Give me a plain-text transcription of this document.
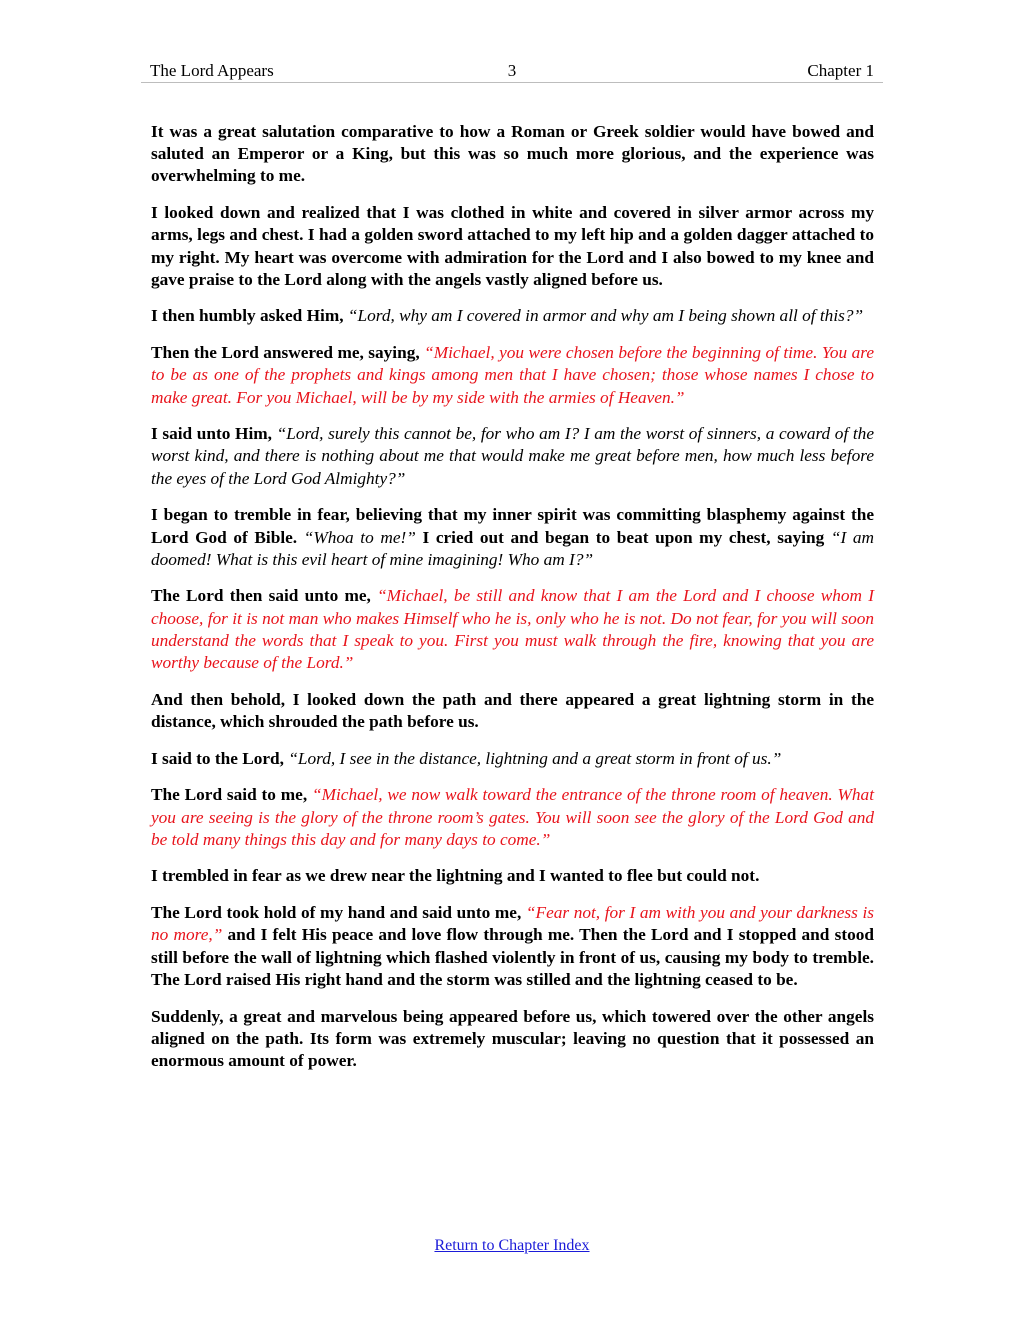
The Lord Appears	3	Chapter 1

It was a great salutation comparative to how a Roman or Greek soldier would have bowed and saluted an Emperor or a King, but this was so much more glorious, and the experience was overwhelming to me.

I looked down and realized that I was clothed in white and covered in silver armor across my arms, legs and chest. I had a golden sword attached to my left hip and a golden dagger attached to my right. My heart was overcome with admiration for the Lord and I also bowed to my knee and gave praise to the Lord along with the angels vastly aligned before us.

I then humbly asked Him, “Lord, why am I covered in armor and why am I being shown all of this?”

Then the Lord answered me, saying, “Michael, you were chosen before the beginning of time. You are to be as one of the prophets and kings among men that I have chosen; those whose names I chose to make great. For you Michael, will be by my side with the armies of Heaven.”

I said unto Him, “Lord, surely this cannot be, for who am I? I am the worst of sinners, a coward of the worst kind, and there is nothing about me that would make me great before men, how much less before the eyes of the Lord God Almighty?”

I began to tremble in fear, believing that my inner spirit was committing blasphemy against the Lord God of Bible. “Whoa to me!” I cried out and began to beat upon my chest, saying “I am doomed! What is this evil heart of mine imagining! Who am I?”

The Lord then said unto me, “Michael, be still and know that I am the Lord and I choose whom I choose, for it is not man who makes Himself who he is, only who he is not. Do not fear, for you will soon understand the words that I speak to you. First you must walk through the fire, knowing that you are worthy because of the Lord.”

And then behold, I looked down the path and there appeared a great lightning storm in the distance, which shrouded the path before us.

I said to the Lord, “Lord, I see in the distance, lightning and a great storm in front of us.”

The Lord said to me, “Michael, we now walk toward the entrance of the throne room of heaven. What you are seeing is the glory of the throne room’s gates. You will soon see the glory of the Lord God and be told many things this day and for many days to come.”

I trembled in fear as we drew near the lightning and I wanted to flee but could not.

The Lord took hold of my hand and said unto me, “Fear not, for I am with you and your darkness is no more,” and I felt His peace and love flow through me. Then the Lord and I stopped and stood still before the wall of lightning which flashed violently in front of us, causing my body to tremble. The Lord raised His right hand and the storm was stilled and the lightning ceased to be.

Suddenly, a great and marvelous being appeared before us, which towered over the other angels aligned on the path. Its form was extremely muscular; leaving no question that it possessed an enormous amount of power.

Return to Chapter Index
